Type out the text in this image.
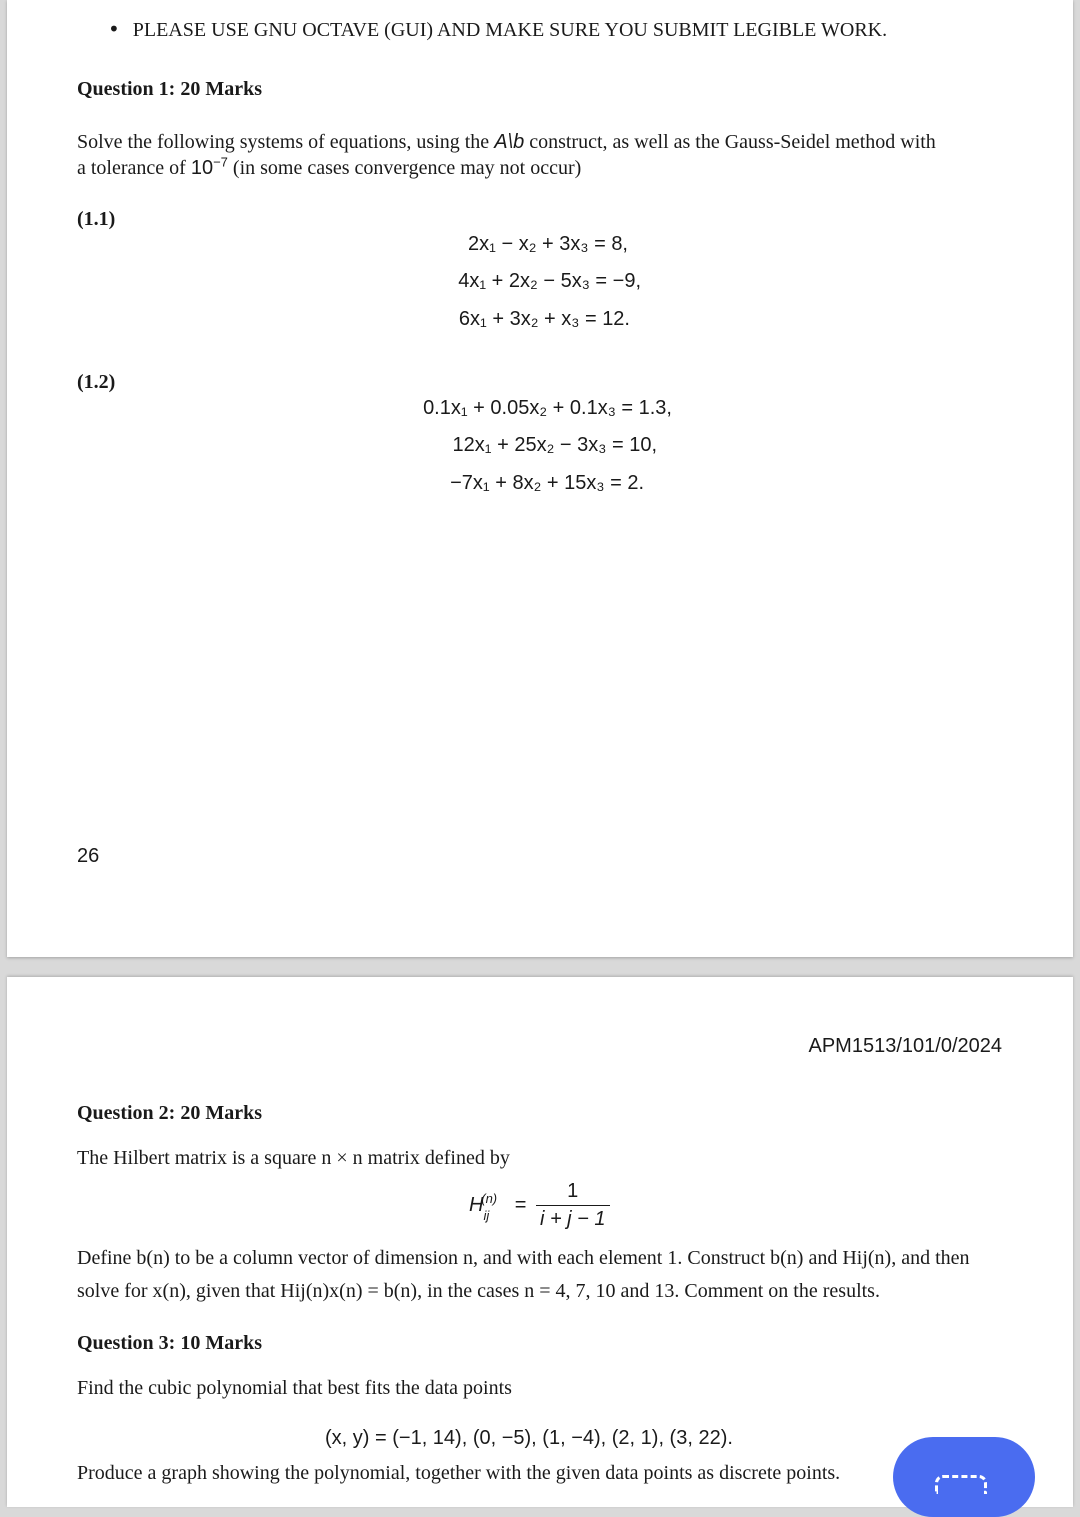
• PLEASE USE GNU OCTAVE (GUI) AND MAKE SURE YOU SUBMIT LEGIBLE WORK.
Question 1: 20 Marks
Solve the following systems of equations, using the A\b construct, as well as the Gauss-Seidel method with
a tolerance of $10^{-7}$ (in some cases convergence may not occur)
(1.1)
2x₁ − x₂ + 3x₃ = 8,
4x₁ + 2x₂ − 5x₃ = −9,
6x₁ + 3x₂ + x₃ = 12.
(1.2)
0.1x₁ + 0.05x₂ + 0.1x₃ = 1.3,
12x₁ + 25x₂ − 3x₃ = 10,
−7x₁ + 8x₂ + 15x₃ = 2.
26
APM1513/101/0/2024
Question 2: 20 Marks
The Hilbert matrix is a square n × n matrix defined by
$H_{ij}^{(n)} = \frac{1}{i + j - 1}$
Define b(n) to be a column vector of dimension n, and with each element 1. Construct b(n) and Hij(n), and then
solve for x(n), given that Hij(n)x(n) = b(n), in the cases n = 4, 7, 10 and 13. Comment on the results.
Question 3: 10 Marks
Find the cubic polynomial that best fits the data points
(x, y) = (−1, 14), (0, −5), (1, −4), (2, 1), (3, 22).
Produce a graph showing the polynomial, together with the given data points as discrete points.
